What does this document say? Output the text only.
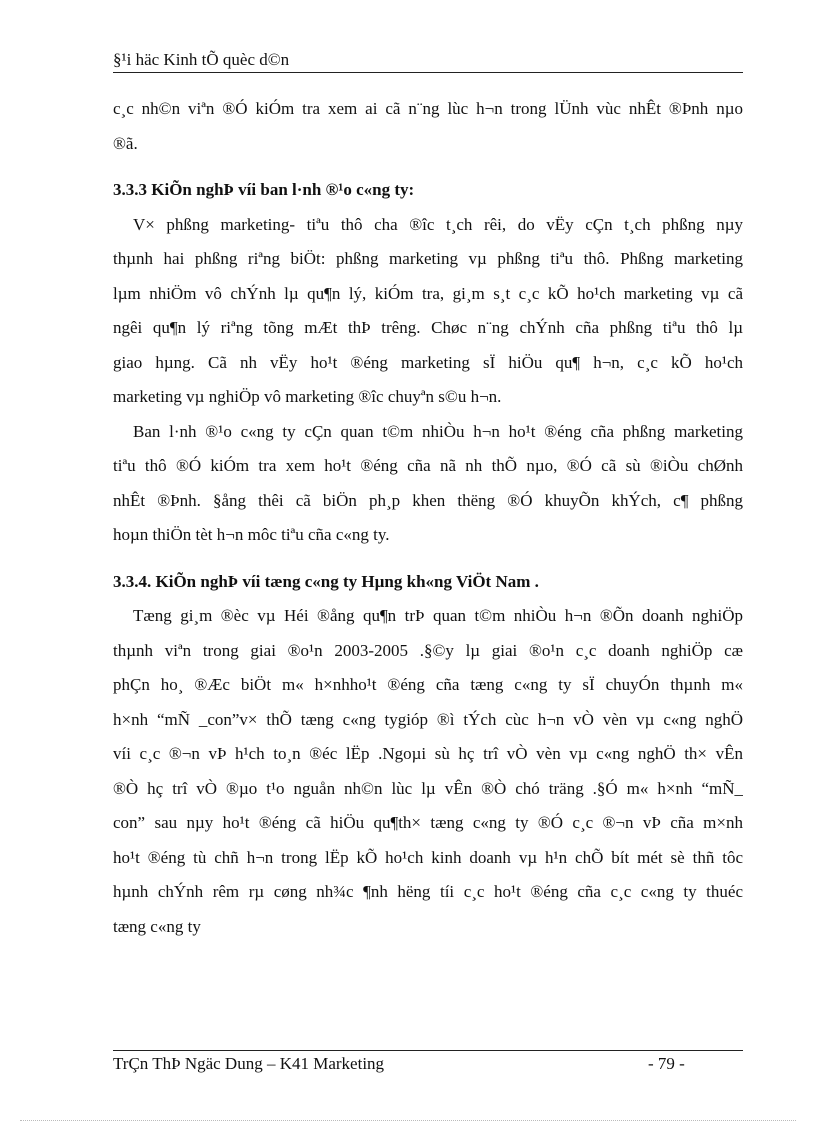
§¹i häc Kinh tÕ quèc d©n
c¸c nh©n viªn ®Ó kiÓm tra xem ai cã n¨ng lùc h¬n trong lÜnh vùc nhÊt ®Þnh nµo
®ã.
3.3.3 KiÕn nghÞ víi ban l·nh ®¹o c«ng ty:
V× phßng marketing- tiªu thô cha ®îc t¸ch rêi, do vËy cÇn t¸ch phßng nµy
thµnh hai phßng riªng biÖt: phßng marketing vµ phßng tiªu thô. Phßng marketing
lµm nhiÖm vô chÝnh lµ qu¶n lý, kiÓm tra, gi¸m s¸t c¸c kÕ ho¹ch marketing vµ cã
ngêi qu¶n lý riªng tõng mÆt thÞ trêng. Chøc n¨ng chÝnh cña phßng tiªu thô lµ
giao hµng. Cã nh vËy ho¹t ®éng marketing sÏ hiÖu qu¶ h¬n, c¸c kÕ ho¹ch
marketing vµ nghiÖp vô marketing ®îc chuyªn s©u h¬n.
Ban l·nh ®¹o c«ng ty cÇn quan t©m nhiÒu h¬n ho¹t ®éng cña phßng marketing
tiªu thô ®Ó kiÓm tra xem ho¹t ®éng cña nã nh thÕ nµo, ®Ó cã sù ®iÒu chØnh
nhÊt ®Þnh. §ång thêi cã biÖn ph¸p khen thëng ®Ó khuyÕn khÝch, c¶ phßng
hoµn thiÖn tèt h¬n môc tiªu cña c«ng ty.
3.3.4. KiÕn nghÞ víi tæng c«ng ty Hµng kh«ng ViÖt Nam .
Tæng gi¸m ®èc vµ Héi ®ång qu¶n trÞ quan t©m nhiÒu h¬n ®Õn doanh nghiÖp
thµnh viªn trong giai ®o¹n 2003-2005 .§©y lµ giai ®o¹n c¸c doanh nghiÖp cæ
phÇn ho¸ ®Æc biÖt m« h×nhho¹t ®éng cña tæng c«ng ty sÏ chuyÓn thµnh m«
h×nh “mÑ _con”v× thÕ tæng c«ng tygióp ®ì tÝch cùc h¬n vÒ vèn vµ c«ng nghÖ
víi c¸c ®¬n vÞ h¹ch to¸n ®éc lËp .Ngoµi sù hç trî vÒ vèn vµ c«ng nghÖ th× vÊn
®Ò hç trî vÒ ®µo t¹o nguån nh©n lùc lµ vÊn ®Ò chó träng .§Ó m« h×nh “mÑ_
con” sau nµy ho¹t ®éng cã hiÖu qu¶th× tæng c«ng ty ®Ó c¸c ®¬n vÞ cña m×nh
ho¹t ®éng tù chñ h¬n trong lËp kÕ ho¹ch kinh doanh vµ h¹n chÕ bít mét sè thñ tôc
hµnh chÝnh rêm rµ cøng nh¾c ¶nh hëng tíi c¸c ho¹t ®éng cña c¸c c«ng ty thuéc
tæng c«ng ty
TrÇn ThÞ Ngäc Dung – K41 Marketing	- 79 -
